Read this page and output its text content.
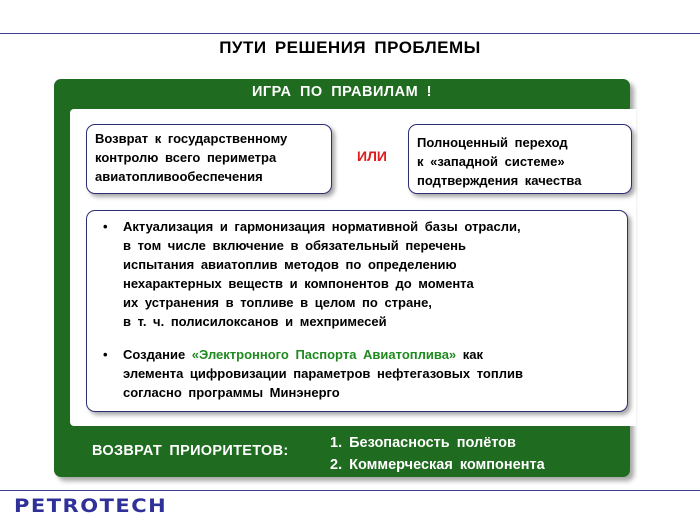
ПУТИ РЕШЕНИЯ ПРОБЛЕМЫ
ИГРА ПО ПРАВИЛАМ !
Возврат к государственному
контролю всего периметра
авиатопливообеспечения
ИЛИ
Полноценный переход
к «западной системе»
подтверждения качества
• Актуализация и гармонизация нормативной базы отрасли,
в том числе включение в обязательный перечень
испытания авиатоплив методов по определению
нехарактерных веществ и компонентов до момента
их устранения в топливе в целом по стране,
в т. ч. полисилоксанов и мехпримесей
• Создание «Электронного Паспорта Авиатоплива» как
элемента цифровизации параметров нефтегазовых топлив
согласно программы Минэнерго
ВОЗВРАТ ПРИОРИТЕТОВ:	1. Безопасность полётов
2. Коммерческая компонента
PETROTECH
